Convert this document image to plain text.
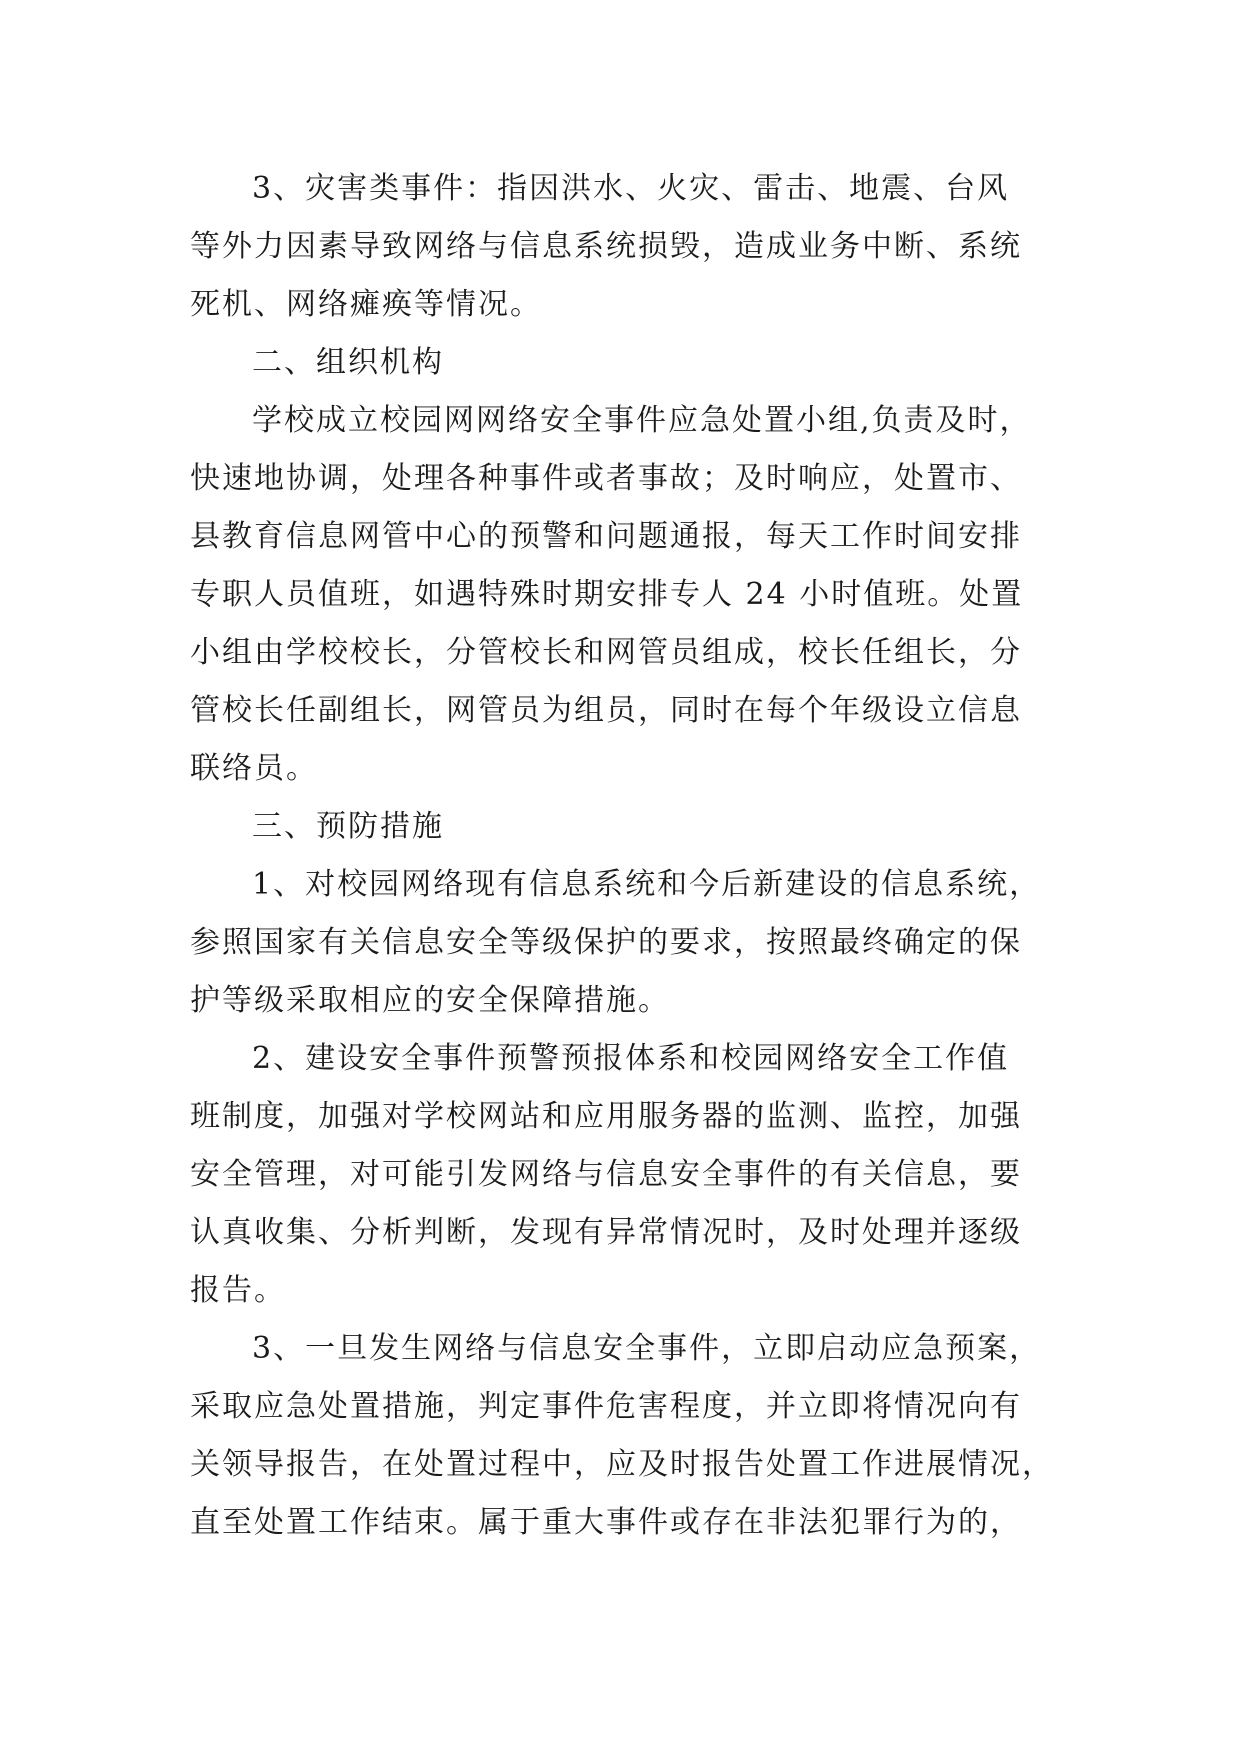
3、灾害类事件：指因洪水、火灾、雷击、地震、台风
等外力因素导致网络与信息系统损毁，造成业务中断、系统
死机、网络瘫痪等情况。
二、组织机构
学校成立校园网网络安全事件应急处置小组,负责及时，
快速地协调，处理各种事件或者事故；及时响应，处置市、
县教育信息网管中心的预警和问题通报，每天工作时间安排
专职人员值班，如遇特殊时期安排专人 24 小时值班。处置
小组由学校校长，分管校长和网管员组成，校长任组长，分
管校长任副组长，网管员为组员，同时在每个年级设立信息
联络员。
三、预防措施
1、对校园网络现有信息系统和今后新建设的信息系统，
参照国家有关信息安全等级保护的要求，按照最终确定的保
护等级采取相应的安全保障措施。
2、建设安全事件预警预报体系和校园网络安全工作值
班制度，加强对学校网站和应用服务器的监测、监控，加强
安全管理，对可能引发网络与信息安全事件的有关信息，要
认真收集、分析判断，发现有异常情况时，及时处理并逐级
报告。
3、一旦发生网络与信息安全事件，立即启动应急预案，
采取应急处置措施，判定事件危害程度，并立即将情况向有
关领导报告，在处置过程中，应及时报告处置工作进展情况，
直至处置工作结束。属于重大事件或存在非法犯罪行为的，
